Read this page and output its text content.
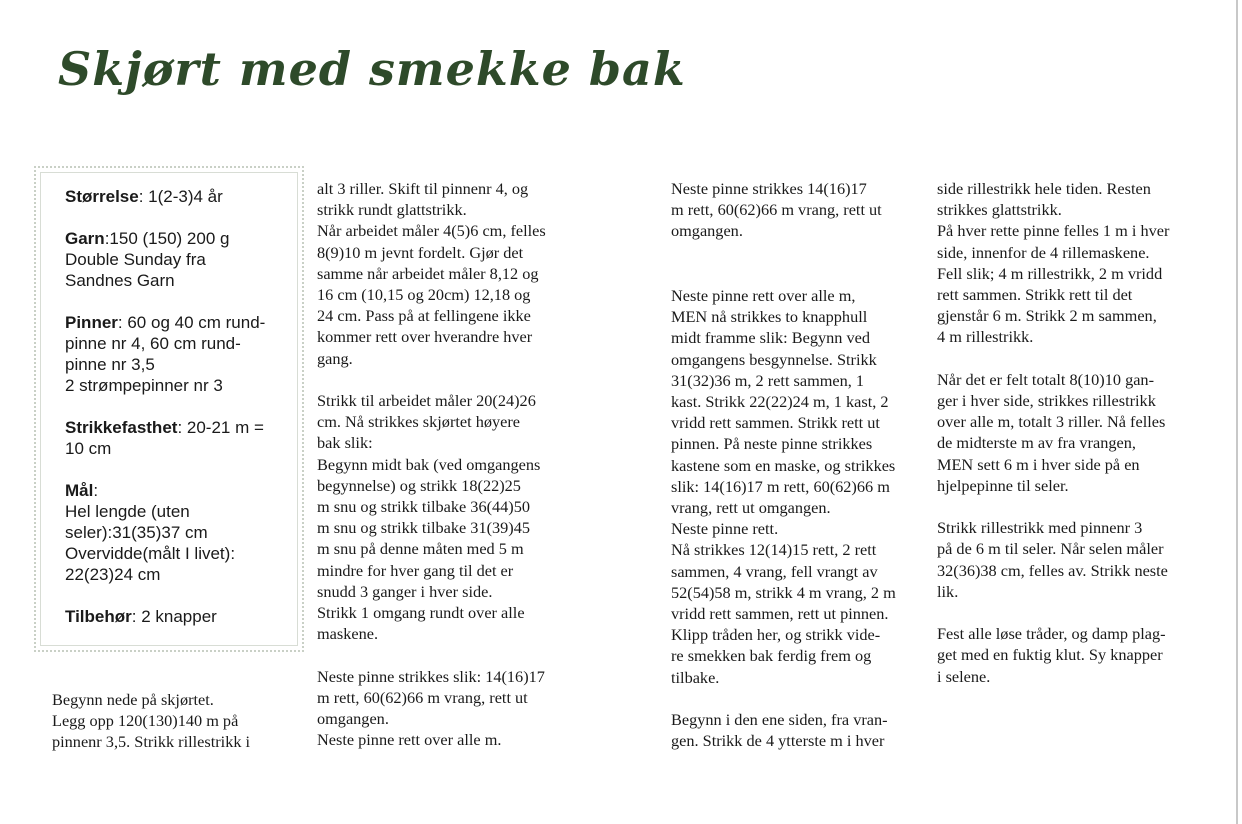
Skjørt med smekke bak
Størrelse: 1(2-3)4 år
Garn:150 (150) 200 g
Double Sunday fra
Sandnes Garn
Pinner: 60 og 40 cm rund-
pinne nr 4, 60 cm rund-
pinne nr 3,5
2 strømpepinner nr 3
Strikkefasthet: 20-21 m =
10 cm
Mål:
Hel lengde (uten
seler):31(35)37 cm
Overvidde(målt I livet):
22(23)24 cm
Tilbehør: 2 knapper
Begynn nede på skjørtet.
Legg opp 120(130)140 m på
pinnenr 3,5. Strikk rillestrikk i
alt 3 riller. Skift til pinnenr 4, og
strikk rundt glattstrikk.
Når arbeidet måler 4(5)6 cm, felles
8(9)10 m jevnt fordelt. Gjør det
samme når arbeidet måler 8,12 og
16 cm (10,15 og 20cm) 12,18 og
24 cm. Pass på at fellingene ikke
kommer rett over hverandre hver
gang.
Strikk til arbeidet måler 20(24)26
cm. Nå strikkes skjørtet høyere
bak slik:
Begynn midt bak (ved omgangens
begynnelse) og strikk 18(22)25
m snu og strikk tilbake 36(44)50
m snu og strikk tilbake 31(39)45
m snu på denne måten med 5 m
mindre for hver gang til det er
snudd 3 ganger i hver side.
Strikk 1 omgang rundt over alle
maskene.
Neste pinne strikkes slik: 14(16)17
m rett, 60(62)66 m vrang, rett ut
omgangen.
Neste pinne rett over alle m.
Neste pinne strikkes 14(16)17
m rett, 60(62)66 m vrang, rett ut
omgangen.
Neste pinne rett over alle m,
MEN nå strikkes to knapphull
midt framme slik: Begynn ved
omgangens besgynnelse. Strikk
31(32)36 m, 2 rett sammen, 1
kast. Strikk 22(22)24 m, 1 kast, 2
vridd rett sammen. Strikk rett ut
pinnen. På neste pinne strikkes
kastene som en maske, og strikkes
slik: 14(16)17 m rett, 60(62)66 m
vrang, rett ut omgangen.
Neste pinne rett.
Nå strikkes 12(14)15 rett, 2 rett
sammen, 4 vrang, fell vrangt av
52(54)58 m, strikk 4 m vrang, 2 m
vridd rett sammen, rett ut pinnen.
Klipp tråden her, og strikk vide-
re smekken bak ferdig frem og
tilbake.
Begynn i den ene siden, fra vran-
gen. Strikk de 4 ytterste m i hver
side rillestrikk hele tiden. Resten
strikkes glattstrikk.
På hver rette pinne felles 1 m i hver
side, innenfor de 4 rillemaskene.
Fell slik; 4 m rillestrikk, 2 m vridd
rett sammen. Strikk rett til det
gjenstår 6 m. Strikk 2 m sammen,
4 m rillestrikk.
Når det er felt totalt 8(10)10 gan-
ger i hver side, strikkes rillestrikk
over alle m, totalt 3 riller. Nå felles
de midterste m av fra vrangen,
MEN sett 6 m i hver side på en
hjelpepinne til seler.
Strikk rillestrikk med pinnenr 3
på de 6 m til seler. Når selen måler
32(36)38 cm, felles av. Strikk neste
lik.
Fest alle løse tråder, og damp plag-
get med en fuktig klut. Sy knapper
i selene.
